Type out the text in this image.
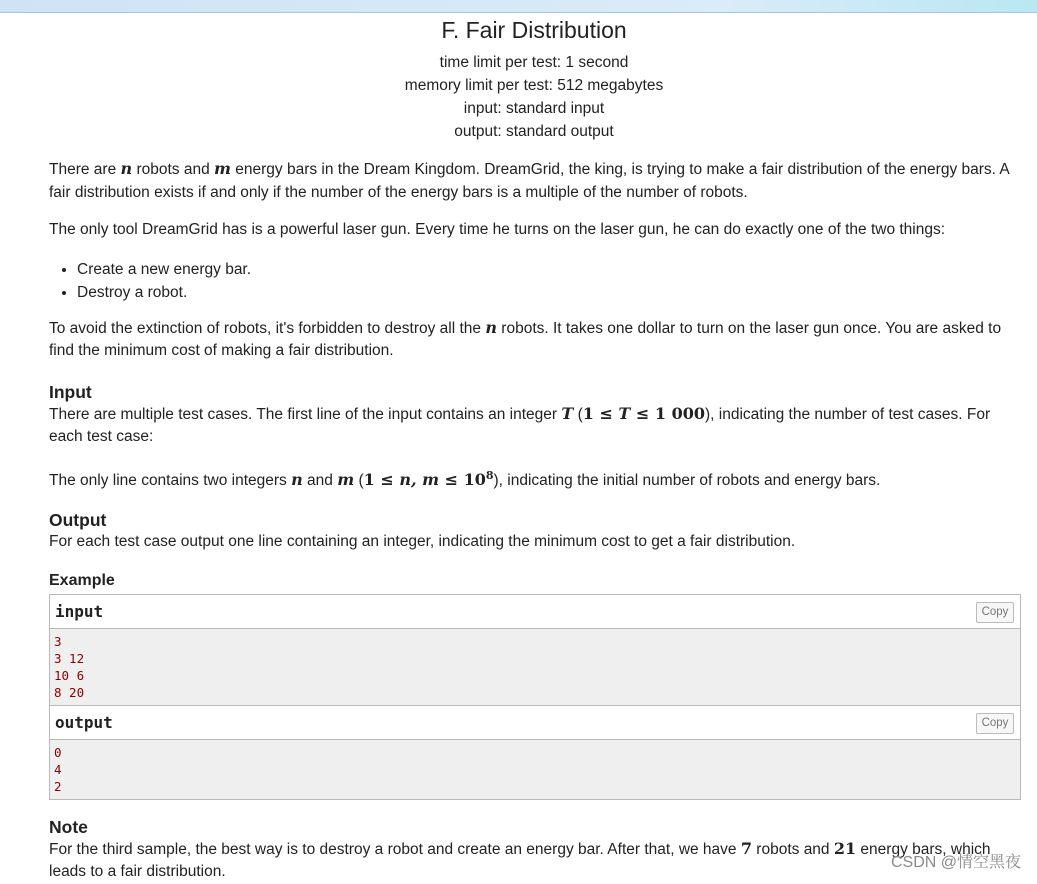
F. Fair Distribution
time limit per test: 1 second
memory limit per test: 512 megabytes
input: standard input
output: standard output

There are n robots and m energy bars in the Dream Kingdom. DreamGrid, the king, is trying to make a fair distribution of the energy bars. A fair distribution exists if and only if the number of the energy bars is a multiple of the number of robots.

The only tool DreamGrid has is a powerful laser gun. Every time he turns on the laser gun, he can do exactly one of the two things:

• Create a new energy bar.
• Destroy a robot.

To avoid the extinction of robots, it's forbidden to destroy all the n robots. It takes one dollar to turn on the laser gun once. You are asked to find the minimum cost of making a fair distribution.

Input

There are multiple test cases. The first line of the input contains an integer T (1 ≤ T ≤ 1 000), indicating the number of test cases. For each test case:

The only line contains two integers n and m (1 ≤ n, $m \le 10^8$), indicating the initial number of robots and energy bars.

Output

For each test case output one line containing an integer, indicating the minimum cost to get a fair distribution.

Example
input	Copy
3
3 12
10 6
8 20
output	Copy
0
4
2
Note

For the third sample, the best way is to destroy a robot and create an energy bar. After that, we have 7 robots and 21 energy bars, which leads to a fair distribution.

CSDN @情空黑夜
